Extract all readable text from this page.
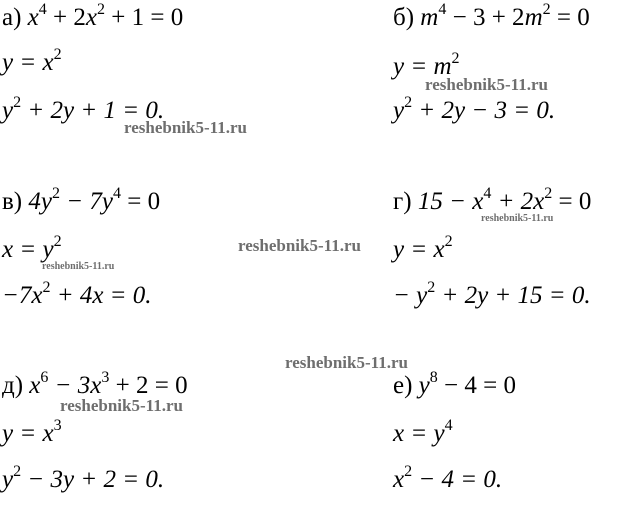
а) $x^4 + 2x^2 + 1 = 0$
$y = x^2$
$y^2 + 2y + 1 = 0$.
б) $m^4 - 3 + 2m^2 = 0$
$y = m^2$
$y^2 + 2y - 3 = 0$.
в) $4y^2 - 7y^4 = 0$
$x = y^2$
$-7x^2 + 4x = 0$.
г) $15 - x^4 + 2x^2 = 0$
$y = x^2$
− $y^2 + 2y + 15 = 0$.
д) $x^6 - 3x^3 + 2 = 0$
$y = x^3$
$y^2 - 3y + 2 = 0$.
е) $y^8 - 4 = 0$
$x = y^4$
$x^2 - 4 = 0$.
reshebnik5-11.ru
reshebnik5-11.ru
reshebnik5-11.ru
reshebnik5-11.ru
reshebnik5-11.ru
reshebnik5-11.ru
reshebnik5-11.ru
